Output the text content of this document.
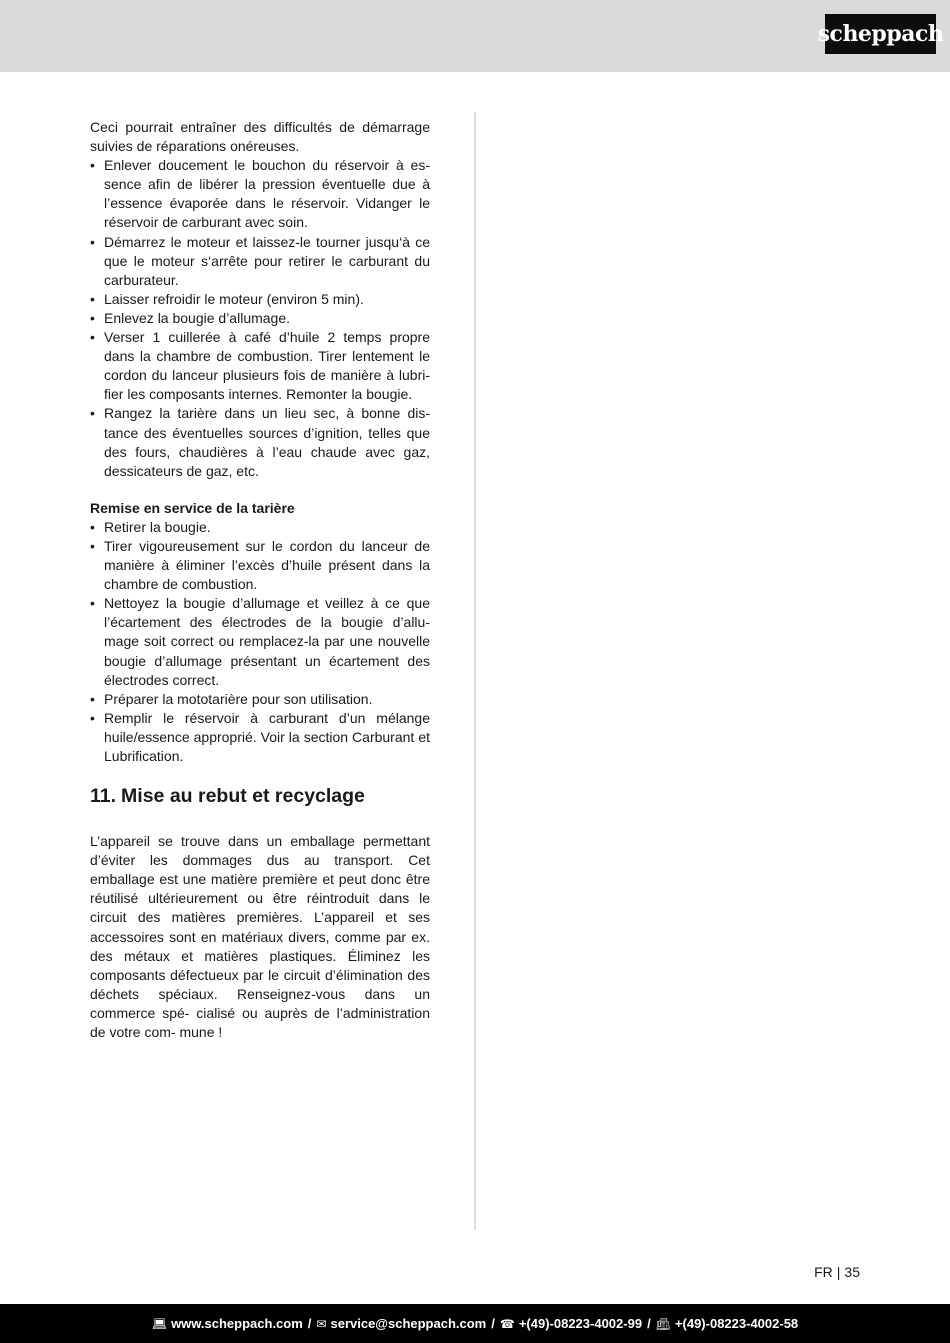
scheppach

Ceci pourrait entraîner des difficultés de démarrage suivies de réparations onéreuses.

• Enlever doucement le bouchon du réservoir à es- sence afin de libérer la pression éventuelle due à l’essence évaporée dans le réservoir. Vidanger le réservoir de carburant avec soin.
• Démarrez le moteur et laissez-le tourner jusqu‘à ce que le moteur s‘arrête pour retirer le carburant du carburateur.
• Laisser refroidir le moteur (environ 5 min).
• Enlevez la bougie d’allumage.
• Verser 1 cuillerée à café d’huile 2 temps propre dans la chambre de combustion. Tirer lentement le cordon du lanceur plusieurs fois de manière à lubri- fier les composants internes. Remonter la bougie.
• Rangez la tarière dans un lieu sec, à bonne dis- tance des éventuelles sources d’ignition, telles que des fours, chaudières à l’eau chaude avec gaz, dessicateurs de gaz, etc.

Remise en service de la tarière

• Retirer la bougie.
• Tirer vigoureusement sur le cordon du lanceur de manière à éliminer l’excès d’huile présent dans la chambre de combustion.
• Nettoyez la bougie d’allumage et veillez à ce que l’écartement des électrodes de la bougie d’allu- mage soit correct ou remplacez-la par une nouvelle bougie d’allumage présentant un écartement des électrodes correct.
• Préparer la mototarière pour son utilisation.
• Remplir le réservoir à carburant d’un mélange huile/essence approprié. Voir la section Carburant et Lubrification.

11. Mise au rebut et recyclage

L’appareil se trouve dans un emballage permettant d’éviter les dommages dus au transport. Cet emballage est une matière première et peut donc être réutilisé ultérieurement ou être réintroduit dans le circuit des matières premières. L’appareil et ses accessoires sont en matériaux divers, comme par ex. des métaux et matières plastiques. Éliminez les composants défectueux par le circuit d’élimination des déchets spéciaux. Renseignez-vous dans un commerce spé- cialisé ou auprès de l’administration de votre com- mune !

FR | 35
💻︎ www.scheppach.com / ✉︎ service@scheppach.com / ☎︎ +(49)-08223-4002-99 / 📠︎ +(49)-08223-4002-58
